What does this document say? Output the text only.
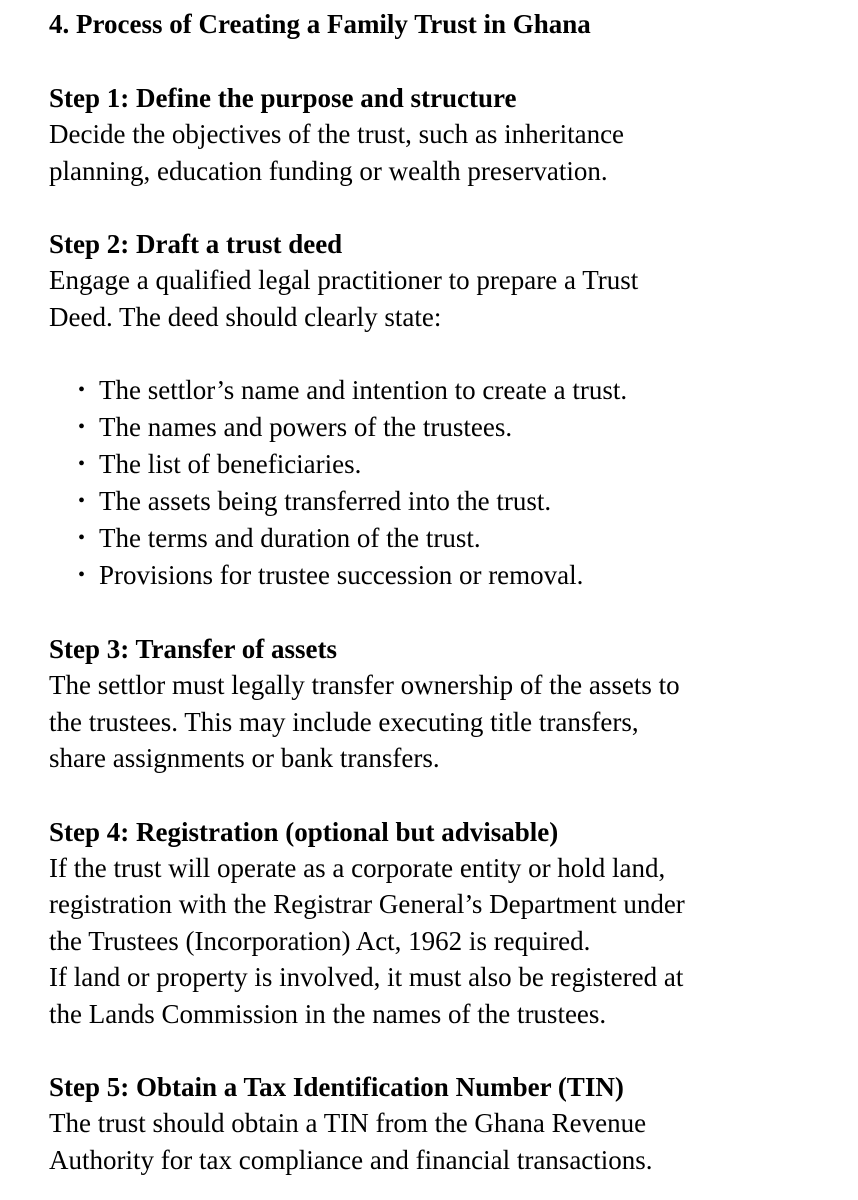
4. Process of Creating a Family Trust in Ghana
Step 1: Define the purpose and structure

Decide the objectives of the trust, such as inheritance
planning, education funding or wealth preservation.

Step 2: Draft a trust deed

Engage a qualified legal practitioner to prepare a Trust
Deed. The deed should clearly state:

• The settlor’s name and intention to create a trust.
• The names and powers of the trustees.
• The list of beneficiaries.
• The assets being transferred into the trust.
• The terms and duration of the trust.
• Provisions for trustee succession or removal.
Step 3: Transfer of assets

The settlor must legally transfer ownership of the assets to
the trustees. This may include executing title transfers,
share assignments or bank transfers.

Step 4: Registration (optional but advisable)

If the trust will operate as a corporate entity or hold land,
registration with the Registrar General’s Department under
the Trustees (Incorporation) Act, 1962 is required.
If land or property is involved, it must also be registered at
the Lands Commission in the names of the trustees.

Step 5: Obtain a Tax Identification Number (TIN)

The trust should obtain a TIN from the Ghana Revenue
Authority for tax compliance and financial transactions.
